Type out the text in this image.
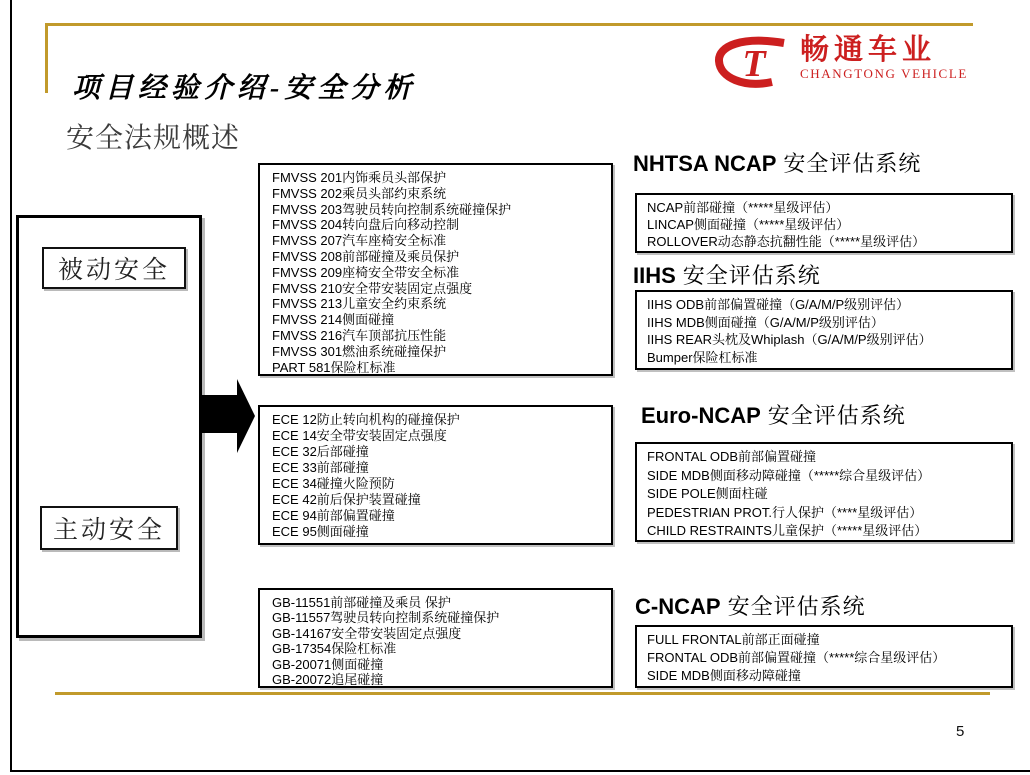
项目经验介绍-安全分析
安全法规概述
T 畅通车业
CHANGTONG VEHICLE
被动安全
主动安全
FMVSS 201内饰乘员头部保护
FMVSS 202乘员头部约束系统
FMVSS 203驾驶员转向控制系统碰撞保护
FMVSS 204转向盘后向移动控制
FMVSS 207汽车座椅安全标准
FMVSS 208前部碰撞及乘员保护
FMVSS 209座椅安全带安全标准
FMVSS 210安全带安装固定点强度
FMVSS 213儿童安全约束系统
FMVSS 214侧面碰撞
FMVSS 216汽车顶部抗压性能
FMVSS 301燃油系统碰撞保护
PART 581保险杠标准
ECE 12防止转向机构的碰撞保护
ECE 14安全带安装固定点强度
ECE 32后部碰撞
ECE 33前部碰撞
ECE 34碰撞火险预防
ECE 42前后保护装置碰撞
ECE 94前部偏置碰撞
ECE 95侧面碰撞
GB-11551前部碰撞及乘员 保护
GB-11557驾驶员转向控制系统碰撞保护
GB-14167安全带安装固定点强度
GB-17354保险杠标准
GB-20071侧面碰撞
GB-20072追尾碰撞
NHTSA NCAP 安全评估系统
NCAP前部碰撞（*****星级评估）
LINCAP侧面碰撞（*****星级评估）
ROLLOVER动态静态抗翻性能（*****星级评估）
IIHS 安全评估系统
IIHS ODB前部偏置碰撞（G/A/M/P级别评估）
IIHS MDB侧面碰撞（G/A/M/P级别评估）
IIHS REAR头枕及Whiplash（G/A/M/P级别评估）
Bumper保险杠标准
Euro-NCAP 安全评估系统
FRONTAL ODB前部偏置碰撞
SIDE MDB侧面移动障碰撞（*****综合星级评估）
SIDE POLE侧面柱碰
PEDESTRIAN PROT.行人保护（****星级评估）
CHILD RESTRAINTS儿童保护（*****星级评估）
C-NCAP 安全评估系统
FULL FRONTAL前部正面碰撞
FRONTAL ODB前部偏置碰撞（*****综合星级评估）
SIDE MDB侧面移动障碰撞
5
